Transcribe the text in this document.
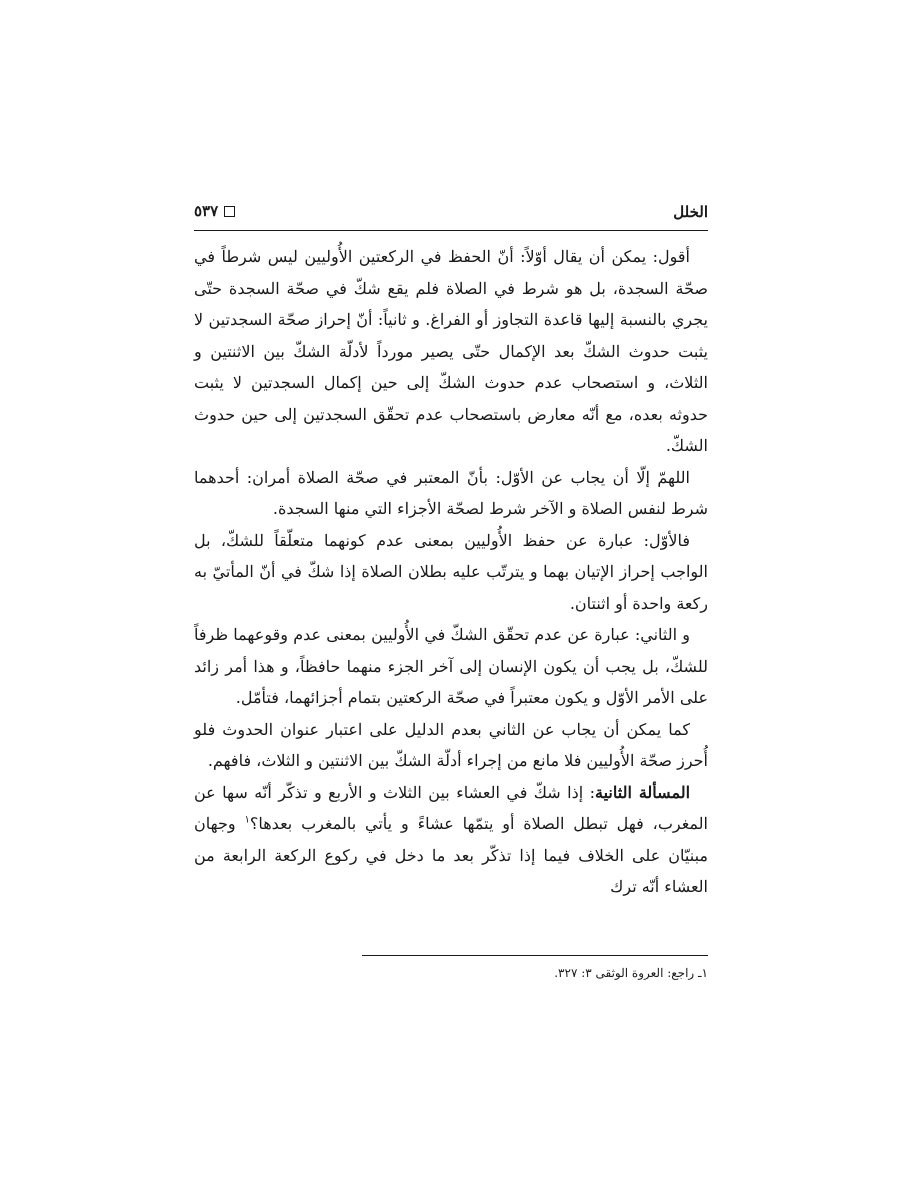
الخلل
٥٣٧

أقول: يمكن أن يقال أوّلاً: أنّ الحفظ في الركعتين الأُوليين ليس شرطاً في صحّة السجدة، بل هو شرط في الصلاة فلم يقع شكّ في صحّة السجدة حتّى يجري بالنسبة إليها قاعدة التجاوز أو الفراغ. و ثانياً: أنّ إحراز صحّة السجدتين لا يثبت حدوث الشكّ بعد الإكمال حتّى يصير مورداً لأدلّة الشكّ بين الاثنتين و الثلاث، و استصحاب عدم حدوث الشكّ إلى حين إكمال السجدتين لا يثبت حدوثه بعده، مع أنّه معارض باستصحاب عدم تحقّق السجدتين إلى حين حدوث الشكّ.

اللهمّ إلّا أن يجاب عن الأوّل: بأنّ المعتبر في صحّة الصلاة أمران: أحدهما شرط لنفس الصلاة و الآخر شرط لصحّة الأجزاء التي منها السجدة.

فالأوّل: عبارة عن حفظ الأُوليين بمعنى عدم كونهما متعلّقاً للشكّ، بل الواجب إحراز الإتيان بهما و يترتّب عليه بطلان الصلاة إذا شكّ في أنّ المأتيّ به ركعة واحدة أو اثنتان.

و الثاني: عبارة عن عدم تحقّق الشكّ في الأُوليين بمعنى عدم وقوعهما ظرفاً للشكّ، بل يجب أن يكون الإنسان إلى آخر الجزء منهما حافظاً، و هذا أمر زائد على الأمر الأوّل و يكون معتبراً في صحّة الركعتين بتمام أجزائهما، فتأمّل.

كما يمكن أن يجاب عن الثاني بعدم الدليل على اعتبار عنوان الحدوث فلو أُحرز صحّة الأُوليين فلا مانع من إجراء أدلّة الشكّ بين الاثنتين و الثلاث، فافهم.

المسألة الثانية: إذا شكّ في العشاء بين الثلاث و الأربع و تذكّر أنّه سها عن المغرب، فهل تبطل الصلاة أو يتمّها عشاءً و يأتي بالمغرب بعدها؟$^١$ وجهان مبنيّان على الخلاف فيما إذا تذكّر بعد ما دخل في ركوع الركعة الرابعة من العشاء أنّه ترك

١ـ راجع: العروة الوثقى ٣: ٣٢٧.
